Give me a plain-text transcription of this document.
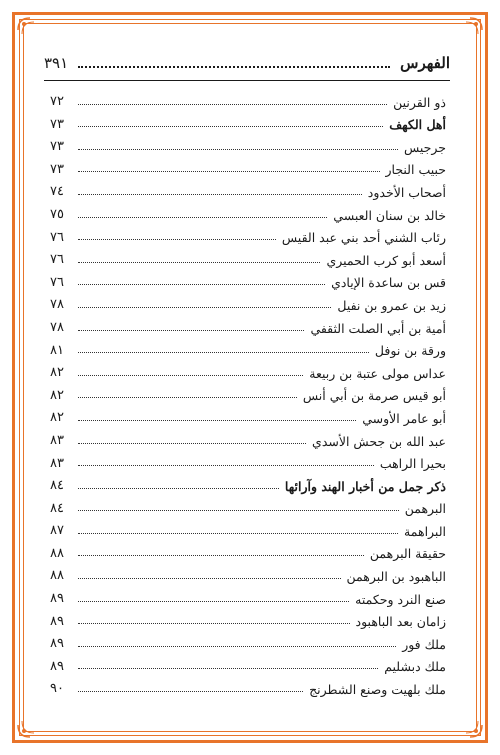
الفهرس
٣٩١
ذو القرنين
٧٢
أهل الكهف
٧٣
جرجيس
٧٣
حبيب النجار
٧٣
أصحاب الأخدود
٧٤
خالد بن سنان العبسي
٧٥
رئاب الشني أحد بني عبد القيس
٧٦
أسعد أبو كرب الحميري
٧٦
قس بن ساعدة الإيادي
٧٦
زيد بن عمرو بن نفيل
٧٨
أمية بن أبي الصلت الثقفي
٧٨
ورقة بن نوفل
٨١
عداس مولى عتبة بن ربيعة
٨٢
أبو قيس صرمة بن أبي أنس
٨٢
أبو عامر الأوسي
٨٢
عبد الله بن جحش الأسدي
٨٣
بحيرا الراهب
٨٣
ذكر جمل من أخبار الهند وآرائها
٨٤
البرهمن
٨٤
البراهمة
٨٧
حقيقة البرهمن
٨٨
الباهبود بن البرهمن
٨٨
صنع النرد وحكمته
٨٩
زامان بعد الباهبود
٨٩
ملك فور
٨٩
ملك دبشليم
٨٩
ملك بلهيت وصنع الشطرنج
٩٠
